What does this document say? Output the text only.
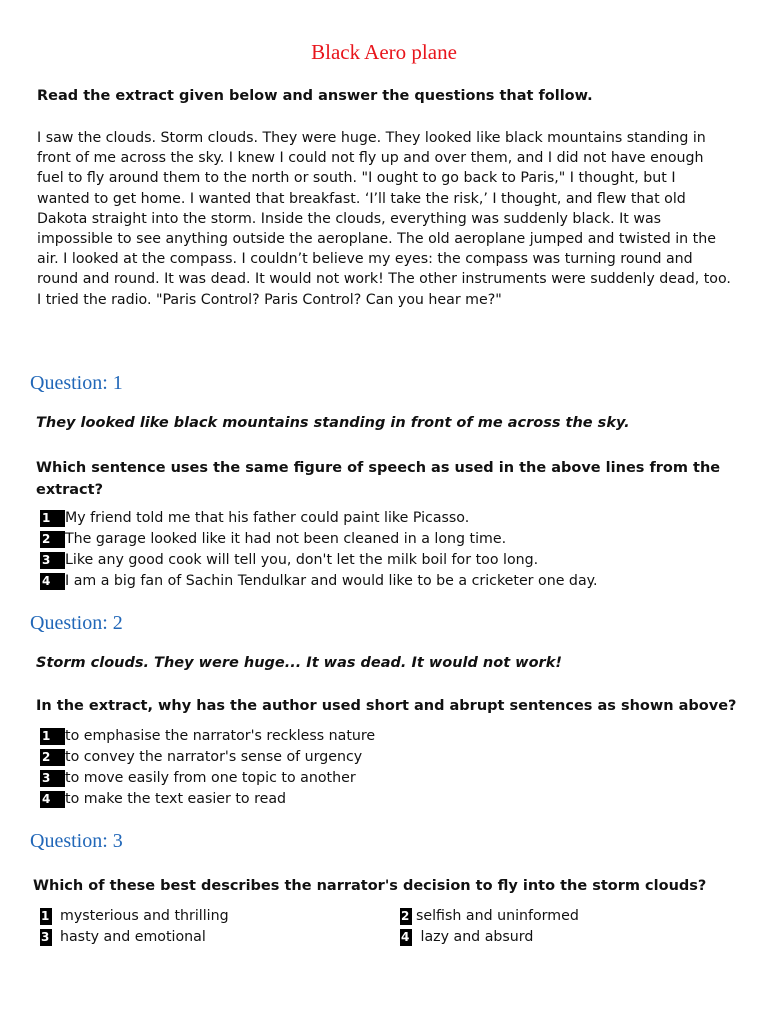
Black Aero plane
Read the extract given below and answer the questions that follow.
I saw the clouds. Storm clouds. They were huge. They looked like black mountains standing in
front of me across the sky. I knew I could not fly up and over them, and I did not have enough
fuel to fly around them to the north or south. "I ought to go back to Paris," I thought, but I
wanted to get home. I wanted that breakfast. ‘I’ll take the risk,’ I thought, and flew that old
Dakota straight into the storm. Inside the clouds, everything was suddenly black. It was
impossible to see anything outside the aeroplane. The old aeroplane jumped and twisted in the
air. I looked at the compass. I couldn’t believe my eyes: the compass was turning round and
round and round. It was dead. It would not work! The other instruments were suddenly dead, too.
I tried the radio. "Paris Control? Paris Control? Can you hear me?"
Question: 1
They looked like black mountains standing in front of me across the sky.
Which sentence uses the same figure of speech as used in the above lines from the extract?
1 My friend told me that his father could paint like Picasso.
2 The garage looked like it had not been cleaned in a long time.
3 Like any good cook will tell you, don't let the milk boil for too long.
4 I am a big fan of Sachin Tendulkar and would like to be a cricketer one day.
Question: 2
Storm clouds. They were huge... It was dead. It would not work!
In the extract, why has the author used short and abrupt sentences as shown above?
1 to emphasise the narrator's reckless nature
2 to convey the narrator's sense of urgency
3 to move easily from one topic to another
4 to make the text easier to read
Question: 3
Which of these best describes the narrator's decision to fly into the storm clouds?
1 mysterious and thrilling	2 selfish and uninformed
3 hasty and emotional	4 lazy and absurd
